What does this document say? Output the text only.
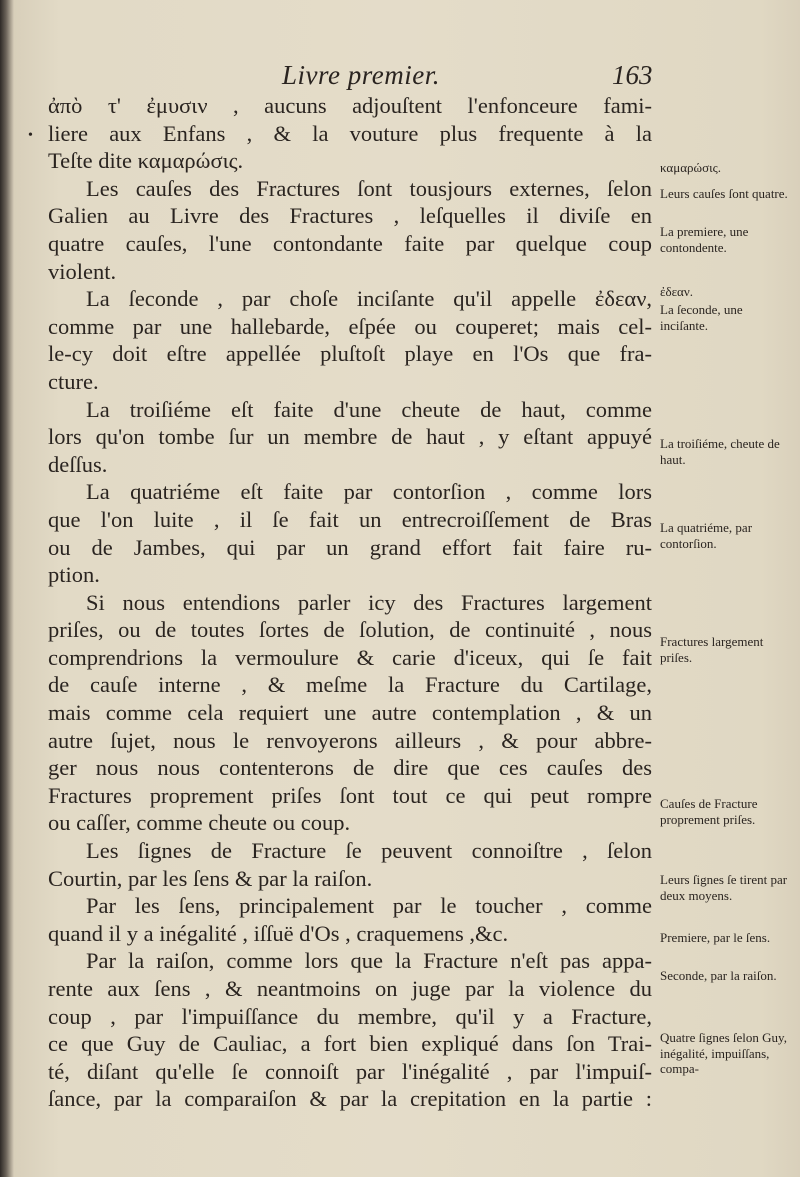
Livre premier.	163
•
ἀπὸ τ' ἐμυσιν , aucuns adjouſtent l'enfonceure fami-
liere aux Enfans , & la vouture plus frequente à la
Teſte dite καμαρώσις.
Les cauſes des Fractures ſont tousjours externes, ſelon
Galien au Livre des Fractures , leſquelles il diviſe en
quatre cauſes, l'une contondante faite par quelque coup
violent.
La ſeconde , par choſe inciſante qu'il appelle ἐδεαν,
comme par une hallebarde, eſpée ou couperet; mais cel-
le-cy doit eſtre appellée pluſtoſt playe en l'Os que fra-
cture.
La troiſiéme eſt faite d'une cheute de haut, comme
lors qu'on tombe ſur un membre de haut , y eſtant appuyé
deſſus.
La quatriéme eſt faite par contorſion , comme lors
que l'on luite , il ſe fait un entrecroiſſement de Bras
ou de Jambes, qui par un grand effort fait faire ru-
ption.
Si nous entendions parler icy des Fractures largement
priſes, ou de toutes ſortes de ſolution, de continuité , nous
comprendrions la vermoulure & carie d'iceux, qui ſe fait
de cauſe interne , & meſme la Fracture du Cartilage,
mais comme cela requiert une autre contemplation , & un
autre ſujet, nous le renvoyerons ailleurs , & pour abbre-
ger nous nous contenterons de dire que ces cauſes des
Fractures proprement priſes ſont tout ce qui peut rompre
ou caſſer, comme cheute ou coup.
Les ſignes de Fracture ſe peuvent connoiſtre , ſelon
Courtin, par les ſens & par la raiſon.
Par les ſens, principalement par le toucher , comme
quand il y a inégalité , iſſuë d'Os , craquemens ,&c.
Par la raiſon, comme lors que la Fracture n'eſt pas appa-
rente aux ſens , & neantmoins on juge par la violence du
coup , par l'impuiſſance du membre, qu'il y a Fracture,
ce que Guy de Cauliac, a fort bien expliqué dans ſon Trai-
té, diſant qu'elle ſe connoiſt par l'inégalité , par l'impuiſ-
ſance, par la comparaiſon & par la crepitation en la partie :
καμαρώσις.
Leurs cauſes ſont quatre.
La premiere, une contondente.
ἐδεαν.
La ſeconde, une inciſante.
La troiſiéme, cheute de haut.
La quatriéme, par contorſion.
Fractures largement priſes.
Cauſes de Fracture proprement priſes.
Leurs ſignes ſe tirent par deux moyens.
Premiere, par le ſens.
Seconde, par la raiſon.
Quatre ſignes ſelon Guy, inégalité, impuiſſans, compa-
